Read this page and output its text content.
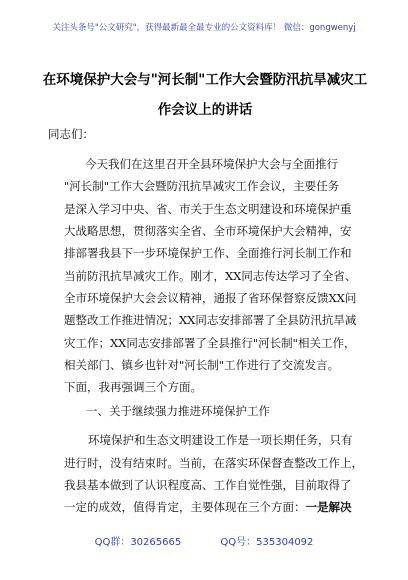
关注头条号"公文研究"，获得最新最全最专业的公文资料库！ 微信：gongwenyj
在环境保护大会与"河长制"工作大会暨防汛抗旱减灾工
作会议上的讲话
同志们：
今天我们在这里召开全县环境保护大会与全面推行
"河长制"工作大会暨防汛抗旱减灾工作会议，主要任务
是深入学习中央、省、市关于生态文明建设和环境保护重
大战略思想，贯彻落实全省、全市环境保护大会精神，安
排部署我县下一步环境保护工作、全面推行河长制工作和
当前防汛抗旱减灾工作。刚才，XX同志传达学习了全省、
全市环境保护大会会议精神，通报了省环保督察反馈XX问
题整改工作推进情况；XX同志安排部署了全县防汛抗旱减
灾工作；XX同志安排部署了全县推行"河长制"相关工作，
相关部门、镇乡也针对"河长制"工作进行了交流发言。
下面，我再强调三个方面。
一、关于继续强力推进环境保护工作
环境保护和生态文明建设工作是一项长期任务，只有
进行时，没有结束时。当前，在落实环保督查整改工作上，
我县基本做到了认识程度高、工作自觉性强，目前取得了
一定的成效，值得肯定，主要体现在三个方面：一是解决
QQ群：30265665	QQ号：535304092
